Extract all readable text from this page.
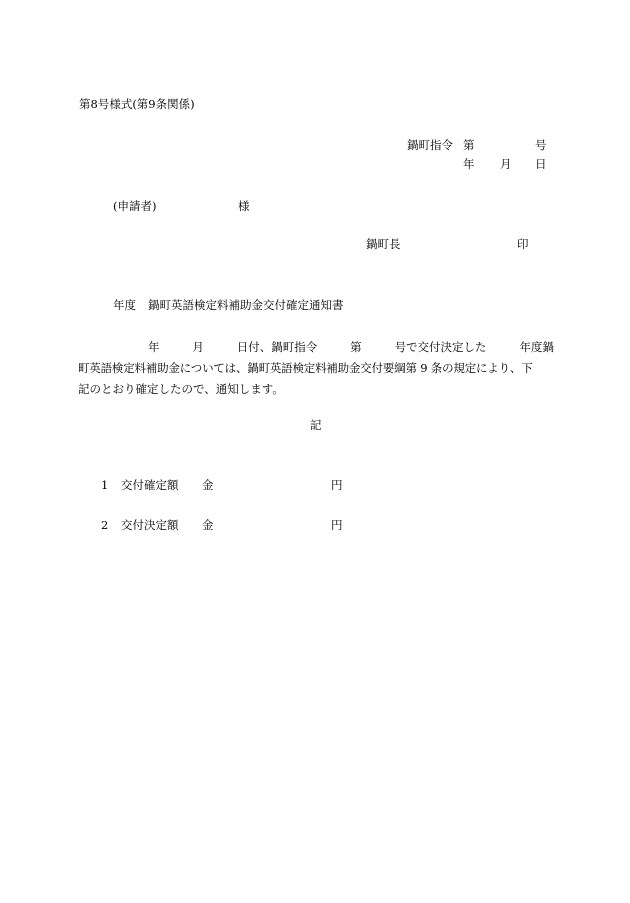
第8号様式(第9条関係)
鍋町指令 第	号
年 月 日
(申請者)	様
鍋町長	印
年度 鍋町英語検定料補助金交付確定通知書
年	月	日付、鍋町指令	第	号で交付決定した	年度鍋
町英語検定料補助金については、鍋町英語検定料補助金交付要綱第 9 条の規定により、下
記のとおり確定したので、通知します。
記
1 交付確定額 金	円
2 交付決定額 金	円
